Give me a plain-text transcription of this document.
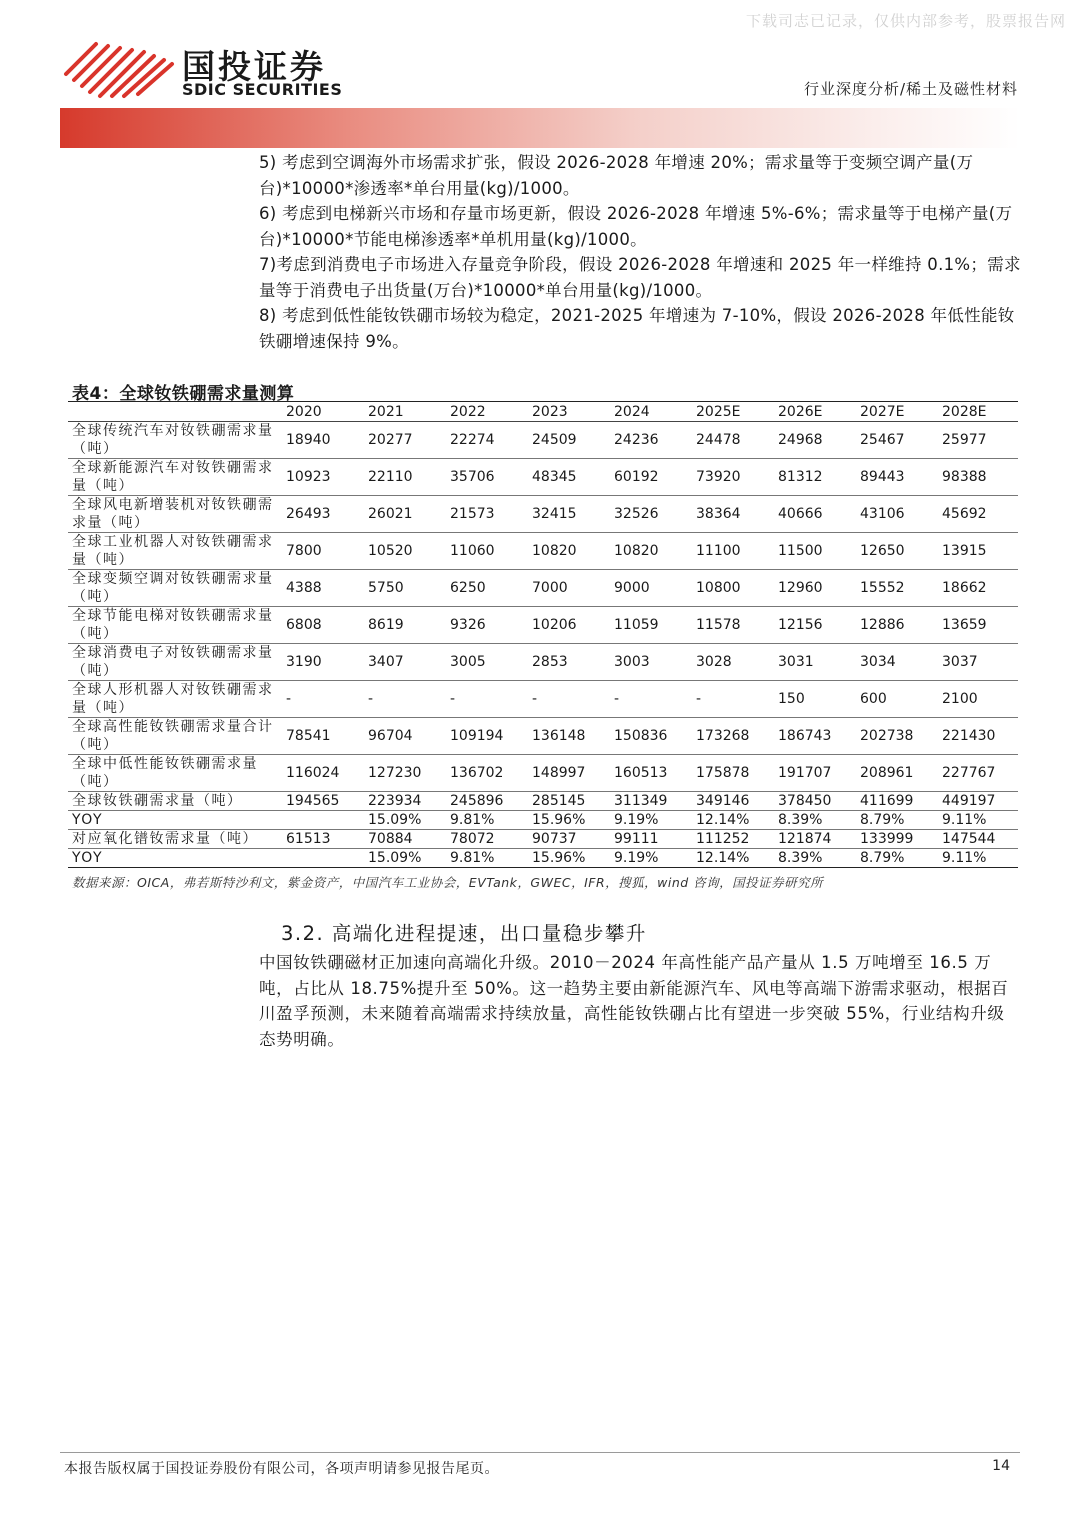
下载司志已记录，仅供内部参考，股票报告网
国投证券
SDIC SECURITIES	行业深度分析/稀土及磁性材料

5) 考虑到空调海外市场需求扩张，假设 2026-2028 年增速 20%；需求量等于变频空调产量(万台)*10000*渗透率*单台用量(kg)/1000。

6) 考虑到电梯新兴市场和存量市场更新，假设 2026-2028 年增速 5%-6%；需求量等于电梯产量(万台)*10000*节能电梯渗透率*单机用量(kg)/1000。

7)考虑到消费电子市场进入存量竞争阶段，假设 2026-2028 年增速和 2025 年一样维持 0.1%；需求量等于消费电子出货量(万台)*10000*单台用量(kg)/1000。

8) 考虑到低性能钕铁硼市场较为稳定，2021-2025 年增速为 7-10%，假设 2026-2028 年低性能钕铁硼增速保持 9%。

表4：全球钕铁硼需求量测算
	2020	2021	2022	2023	2024	2025E	2026E	2027E	2028E
全球传统汽车对钕铁硼需求量（吨）	18940	20277	22274	24509	24236	24478	24968	25467	25977
全球新能源汽车对钕铁硼需求量（吨）	10923	22110	35706	48345	60192	73920	81312	89443	98388
全球风电新增装机对钕铁硼需求量（吨）	26493	26021	21573	32415	32526	38364	40666	43106	45692
全球工业机器人对钕铁硼需求量（吨）	7800	10520	11060	10820	10820	11100	11500	12650	13915
全球变频空调对钕铁硼需求量（吨）	4388	5750	6250	7000	9000	10800	12960	15552	18662
全球节能电梯对钕铁硼需求量（吨）	6808	8619	9326	10206	11059	11578	12156	12886	13659
全球消费电子对钕铁硼需求量（吨）	3190	3407	3005	2853	3003	3028	3031	3034	3037
全球人形机器人对钕铁硼需求量（吨）	-	-	-	-	-	-	150	600	2100
全球高性能钕铁硼需求量合计（吨）	78541	96704	109194	136148	150836	173268	186743	202738	221430
全球中低性能钕铁硼需求量（吨）	116024	127230	136702	148997	160513	175878	191707	208961	227767
全球钕铁硼需求量（吨）	194565	223934	245896	285145	311349	349146	378450	411699	449197
YOY		15.09%	9.81%	15.96%	9.19%	12.14%	8.39%	8.79%	9.11%
对应氧化镨钕需求量（吨）	61513	70884	78072	90737	99111	111252	121874	133999	147544
YOY		15.09%	9.81%	15.96%	9.19%	12.14%	8.39%	8.79%	9.11%
数据来源：OICA，弗若斯特沙利文，紫金资产，中国汽车工业协会，EVTank，GWEC，IFR，搜狐，wind 咨询，国投证券研究所
3.2. 高端化进程提速，出口量稳步攀升

中国钕铁硼磁材正加速向高端化升级。2010－2024 年高性能产品产量从 1.5 万吨增至 16.5 万吨，占比从 18.75%提升至 50%。这一趋势主要由新能源汽车、风电等高端下游需求驱动，根据百川盈孚预测，未来随着高端需求持续放量，高性能钕铁硼占比有望进一步突破 55%，行业结构升级态势明确。

本报告版权属于国投证券股份有限公司，各项声明请参见报告尾页。	14
